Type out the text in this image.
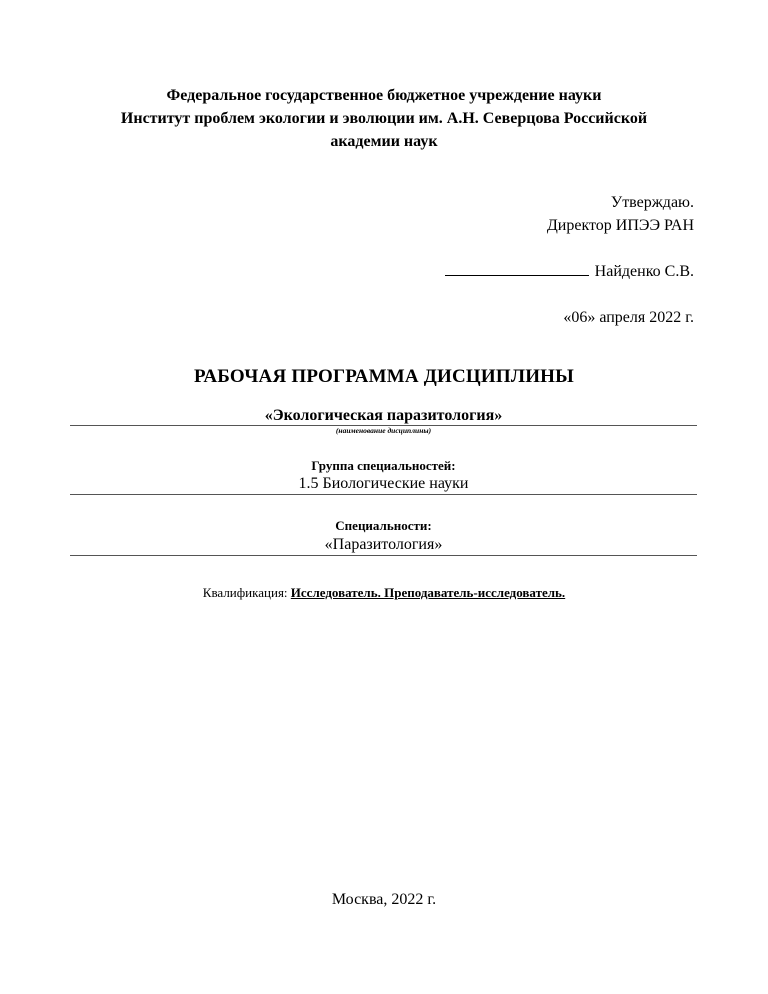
Федеральное государственное бюджетное учреждение науки
Институт проблем экологии и эволюции им. А.Н. Северцова Российской
академии наук
Утверждаю.
Директор ИПЭЭ РАН
Найденко С.В.
«06» апреля 2022 г.
РАБОЧАЯ ПРОГРАММА ДИСЦИПЛИНЫ
«Экологическая паразитология»
(наименование дисциплины)
Группа специальностей:
1.5 Биологические науки
Специальности:
«Паразитология»
Квалификация: Исследователь. Преподаватель-исследователь.
Москва, 2022 г.
